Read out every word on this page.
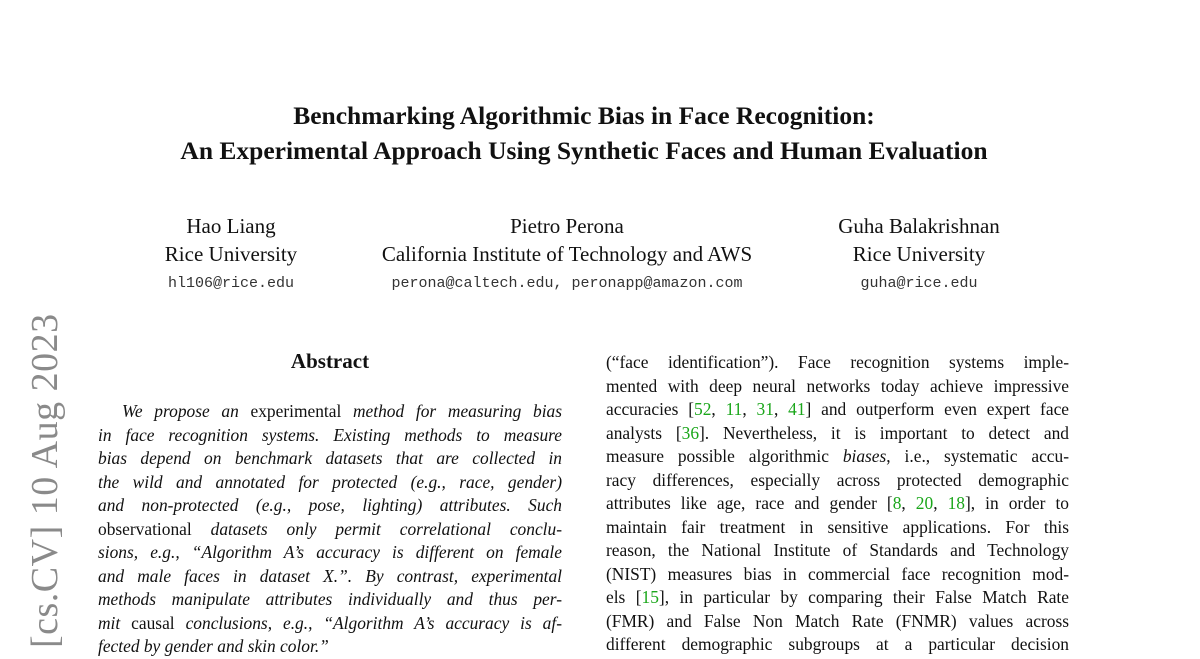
[cs.CV] 10 Aug 2023
Benchmarking Algorithmic Bias in Face Recognition:
An Experimental Approach Using Synthetic Faces and Human Evaluation
Hao Liang
Rice University
hl106@rice.edu
Pietro Perona
California Institute of Technology and AWS
perona@caltech.edu, peronapp@amazon.com
Guha Balakrishnan
Rice University
guha@rice.edu
Abstract
We propose an experimental method for measuring bias
in face recognition systems. Existing methods to measure
bias depend on benchmark datasets that are collected in
the wild and annotated for protected (e.g., race, gender)
and non-protected (e.g., pose, lighting) attributes. Such
observational datasets only permit correlational conclu-
sions, e.g., “Algorithm A’s accuracy is different on female
and male faces in dataset X.”. By contrast, experimental
methods manipulate attributes individually and thus per-
mit causal conclusions, e.g., “Algorithm A’s accuracy is af-
fected by gender and skin color.”
(“face identification”). Face recognition systems imple-
mented with deep neural networks today achieve impressive
accuracies [52, 11, 31, 41] and outperform even expert face
analysts [36]. Nevertheless, it is important to detect and
measure possible algorithmic biases, i.e., systematic accu-
racy differences, especially across protected demographic
attributes like age, race and gender [8, 20, 18], in order to
maintain fair treatment in sensitive applications. For this
reason, the National Institute of Standards and Technology
(NIST) measures bias in commercial face recognition mod-
els [15], in particular by comparing their False Match Rate
(FMR) and False Non Match Rate (FNMR) values across
different demographic subgroups at a particular decision
